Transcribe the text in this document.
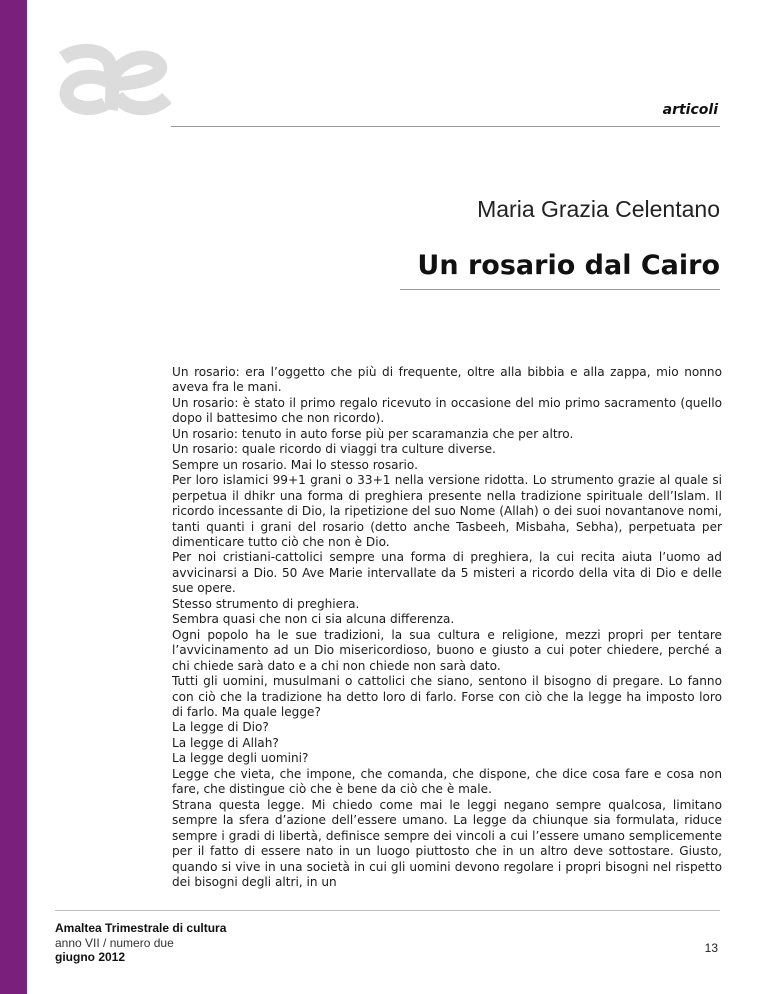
articoli
Maria Grazia Celentano
Un rosario dal Cairo

Un rosario: era l’oggetto che più di frequente, oltre alla bibbia e alla zappa, mio nonno aveva fra le mani.

Un rosario: è stato il primo regalo ricevuto in occasione del mio primo sacramento (quello dopo il battesimo che non ricordo).

Un rosario: tenuto in auto forse più per scaramanzia che per altro.

Un rosario: quale ricordo di viaggi tra culture diverse.

Sempre un rosario. Mai lo stesso rosario.

Per loro islamici 99+1 grani o 33+1 nella versione ridotta. Lo strumento grazie al quale si perpetua il dhikr una forma di preghiera presente nella tradizione spirituale dell’Islam. Il ricordo incessante di Dio, la ripetizione del suo Nome (Allah) o dei suoi novantanove nomi, tanti quanti i grani del rosario (detto anche Tasbeeh, Misbaha, Sebha), perpetuata per dimenticare tutto ciò che non è Dio.

Per noi cristiani-cattolici sempre una forma di preghiera, la cui recita aiuta l’uomo ad avvicinarsi a Dio. 50 Ave Marie intervallate da 5 misteri a ricordo della vita di Dio e delle sue opere.

Stesso strumento di preghiera.

Sembra quasi che non ci sia alcuna differenza.

Ogni popolo ha le sue tradizioni, la sua cultura e religione, mezzi propri per tentare l’avvicinamento ad un Dio misericordioso, buono e giusto a cui poter chiedere, perché a chi chiede sarà dato e a chi non chiede non sarà dato.

Tutti gli uomini, musulmani o cattolici che siano, sentono il bisogno di pregare. Lo fanno con ciò che la tradizione ha detto loro di farlo. Forse con ciò che la legge ha imposto loro di farlo. Ma quale legge?

La legge di Dio?

La legge di Allah?

La legge degli uomini?

Legge che vieta, che impone, che comanda, che dispone, che dice cosa fare e cosa non fare, che distingue ciò che è bene da ciò che è male.

Strana questa legge. Mi chiedo come mai le leggi negano sempre qualcosa, limitano sempre la sfera d’azione dell’essere umano. La legge da chiunque sia formulata, riduce sempre i gradi di libertà, definisce sempre dei vincoli a cui l’essere umano semplicemente per il fatto di essere nato in un luogo piuttosto che in un altro deve sottostare. Giusto, quando si vive in una società in cui gli uomini devono regolare i propri bisogni nel rispetto dei bisogni degli altri, in un

Amaltea Trimestrale di cultura
anno VII / numero due
giugno 2012
13
